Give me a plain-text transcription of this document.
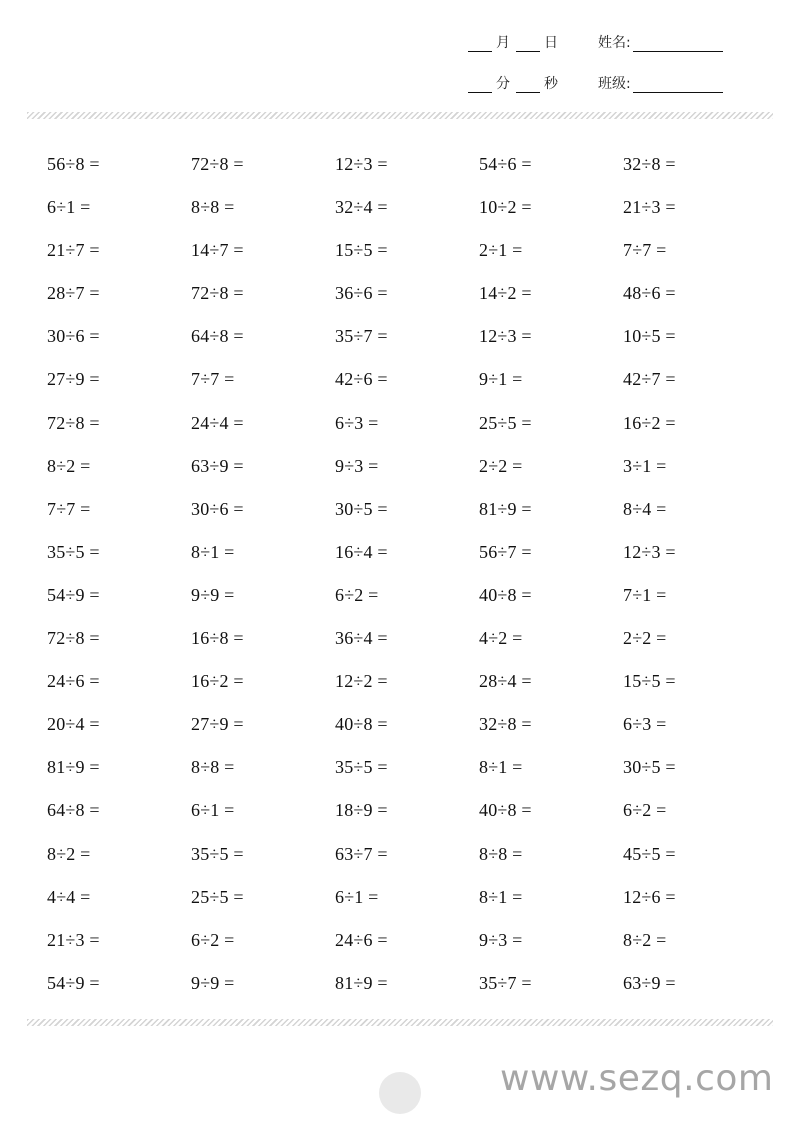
月 日	姓名:
分 秒	班级:
56÷8 =	72÷8 =	12÷3 =	54÷6 =	32÷8 =
6÷1 =	8÷8 =	32÷4 =	10÷2 =	21÷3 =
21÷7 =	14÷7 =	15÷5 =	2÷1 =	7÷7 =
28÷7 =	72÷8 =	36÷6 =	14÷2 =	48÷6 =
30÷6 =	64÷8 =	35÷7 =	12÷3 =	10÷5 =
27÷9 =	7÷7 =	42÷6 =	9÷1 =	42÷7 =
72÷8 =	24÷4 =	6÷3 =	25÷5 =	16÷2 =
8÷2 =	63÷9 =	9÷3 =	2÷2 =	3÷1 =
7÷7 =	30÷6 =	30÷5 =	81÷9 =	8÷4 =
35÷5 =	8÷1 =	16÷4 =	56÷7 =	12÷3 =
54÷9 =	9÷9 =	6÷2 =	40÷8 =	7÷1 =
72÷8 =	16÷8 =	36÷4 =	4÷2 =	2÷2 =
24÷6 =	16÷2 =	12÷2 =	28÷4 =	15÷5 =
20÷4 =	27÷9 =	40÷8 =	32÷8 =	6÷3 =
81÷9 =	8÷8 =	35÷5 =	8÷1 =	30÷5 =
64÷8 =	6÷1 =	18÷9 =	40÷8 =	6÷2 =
8÷2 =	35÷5 =	63÷7 =	8÷8 =	45÷5 =
4÷4 =	25÷5 =	6÷1 =	8÷1 =	12÷6 =
21÷3 =	6÷2 =	24÷6 =	9÷3 =	8÷2 =
54÷9 =	9÷9 =	81÷9 =	35÷7 =	63÷9 =
www.sezq.com
